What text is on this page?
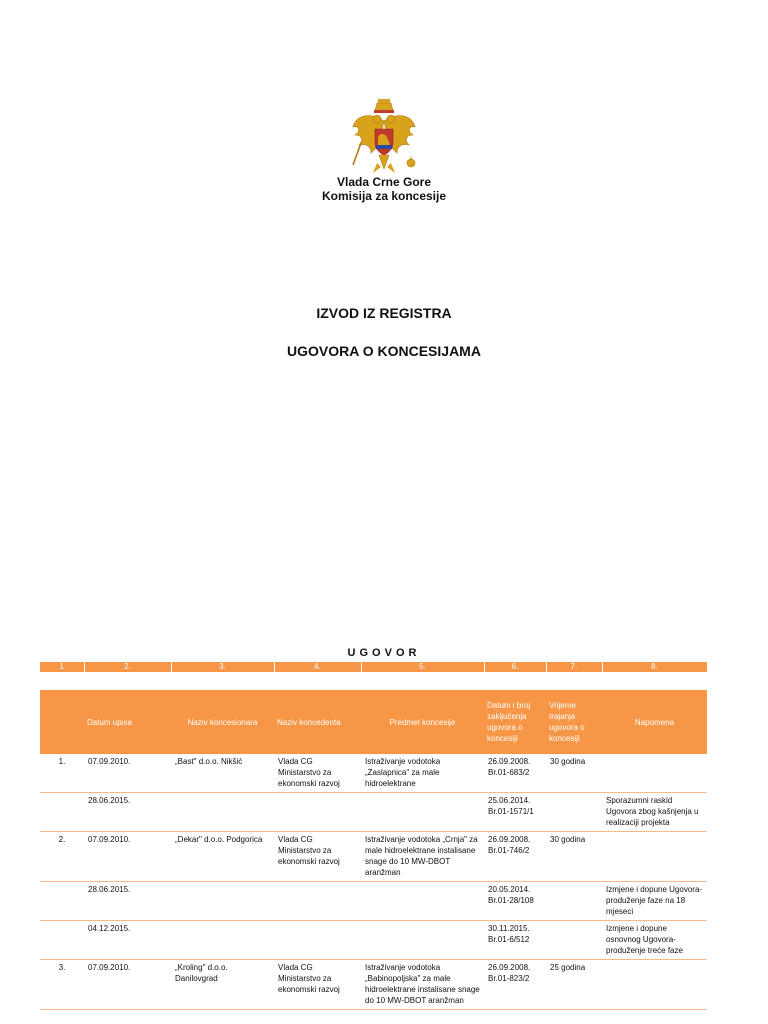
Vlada Crne Gore
Komisija za koncesije
IZVOD IZ REGISTRA
UGOVORA O KONCESIJAMA
UGOVOR
1	2.	3.	4.	5.	6.	7.	8.
	Datum upisa	Naziv koncesionara	Naziv koncedenta	Predmet koncesije	Datum i broj zaključenja ugovora o koncesiji	Vrijeme trajanja ugovora o koncesiji	Napomena
1.	07.09.2010.	„Bast" d.o.o. Nikšić	Vlada CG Ministarstvo za ekonomski razvoj	Istraživanje vodotoka „Zaslapnica" za male hidroelektrane	26.09.2008. Br.01-683/2	30 godina	
	28.06.2015.				25.06.2014. Br.01-1571/1		Sporazumni raskid Ugovora zbog kašnjenja u realizaciji projekta
2.	07.09.2010.	„Dekar" d.o.o. Podgorica	Vlada CG Ministarstvo za ekonomski razvoj	Istraživanje vodotoka „Crnja" za male hidroelektrane instalisane snage do 10 MW-DBOT aranžman	26.09.2008. Br.01-746/2	30 godina	
	28.06.2015.				20.05.2014. Br.01-28/108		Izmjene i dopune Ugovora-produženje faze na 18 mjeseci
	04.12.2015.				30.11.2015. Br.01-6/512		Izmjene i dopune osnovnog Ugovora-produženje treće faze
3.	07.09.2010.	„Kroling" d.o.o. Danilovgrad	Vlada CG Ministarstvo za ekonomski razvoj	Istraživanje vodotoka „Babinopoljska" za male hidroelektrane instalisane snage do 10 MW-DBOT aranžman	26.09.2008. Br.01-823/2	25 godina	
